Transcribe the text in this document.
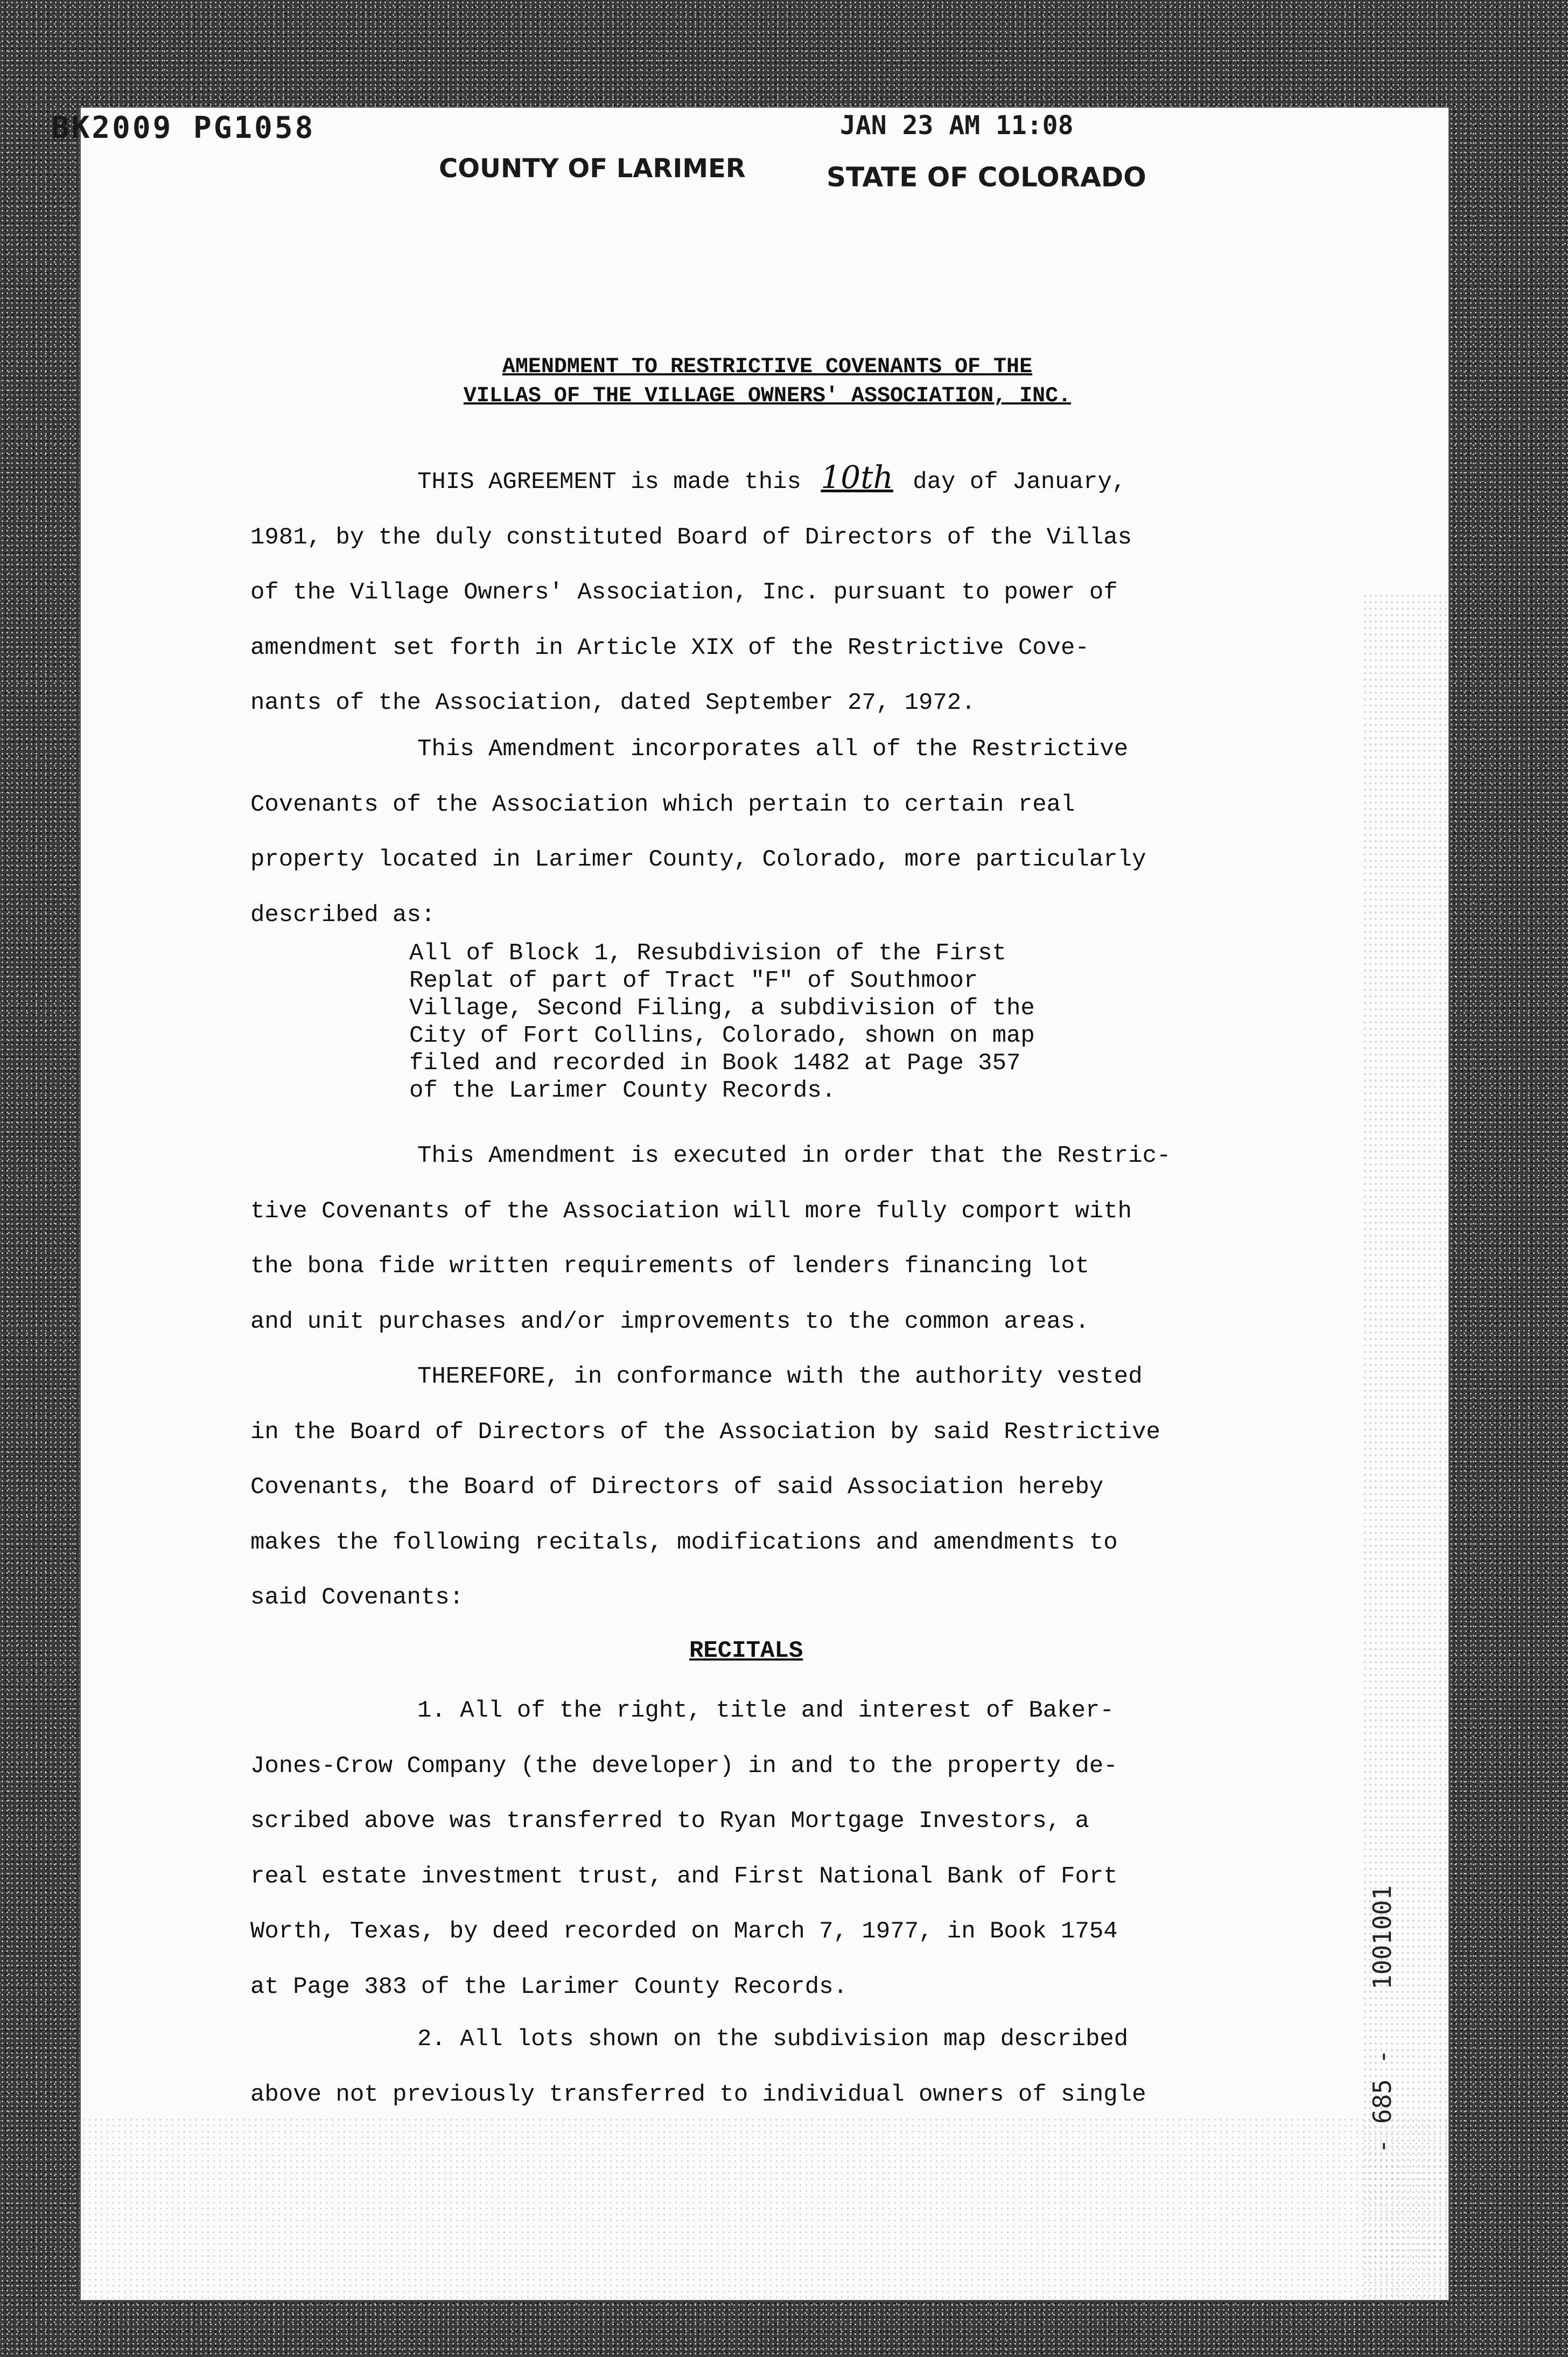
BK2009 PG1058	JAN 23 AM 11:08
COUNTY OF LARIMER	STATE OF COLORADO
AMENDMENT TO RESTRICTIVE COVENANTS OF THE
VILLAS OF THE VILLAGE OWNERS' ASSOCIATION, INC.
THIS AGREEMENT is made this 10th day of January,
1981, by the duly constituted Board of Directors of the Villas
of the Village Owners' Association, Inc. pursuant to power of
amendment set forth in Article XIX of the Restrictive Cove-
nants of the Association, dated September 27, 1972.
This Amendment incorporates all of the Restrictive
Covenants of the Association which pertain to certain real
property located in Larimer County, Colorado, more particularly
described as:
All of Block 1, Resubdivision of the First
Replat of part of Tract "F" of Southmoor
Village, Second Filing, a subdivision of the
City of Fort Collins, Colorado, shown on map
filed and recorded in Book 1482 at Page 357
of the Larimer County Records.
This Amendment is executed in order that the Restric-
tive Covenants of the Association will more fully comport with
the bona fide written requirements of lenders financing lot
and unit purchases and/or improvements to the common areas.
THEREFORE, in conformance with the authority vested
in the Board of Directors of the Association by said Restrictive
Covenants, the Board of Directors of said Association hereby
makes the following recitals, modifications and amendments to
said Covenants:
RECITALS
1. All of the right, title and interest of Baker-
Jones-Crow Company (the developer) in and to the property de-
scribed above was transferred to Ryan Mortgage Investors, a
real estate investment trust, and First National Bank of Fort
Worth, Texas, by deed recorded on March 7, 1977, in Book 1754
at Page 383 of the Larimer County Records.
2. All lots shown on the subdivision map described
above not previously transferred to individual owners of single	- 685 -    1001001
